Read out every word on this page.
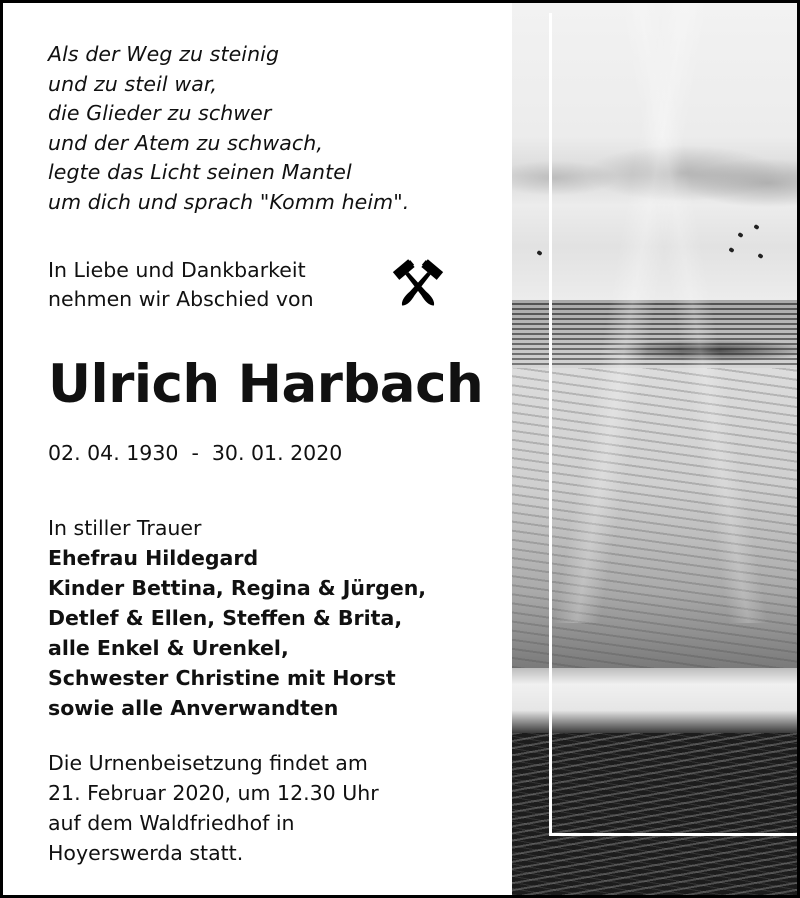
Als der Weg zu steinig
und zu steil war,
die Glieder zu schwer
und der Atem zu schwach,
legte das Licht seinen Mantel
um dich und sprach "Komm heim".
In Liebe und Dankbarkeit
nehmen wir Abschied von
Ulrich Harbach
02. 04. 1930  -  30. 01. 2020
In stiller Trauer
Ehefrau Hildegard
Kinder Bettina, Regina & Jürgen,
Detlef & Ellen, Steffen & Brita,
alle Enkel & Urenkel,
Schwester Christine mit Horst
sowie alle Anverwandten
Die Urnenbeisetzung findet am
21. Februar 2020, um 12.30 Uhr
auf dem Waldfriedhof in
Hoyerswerda statt.
